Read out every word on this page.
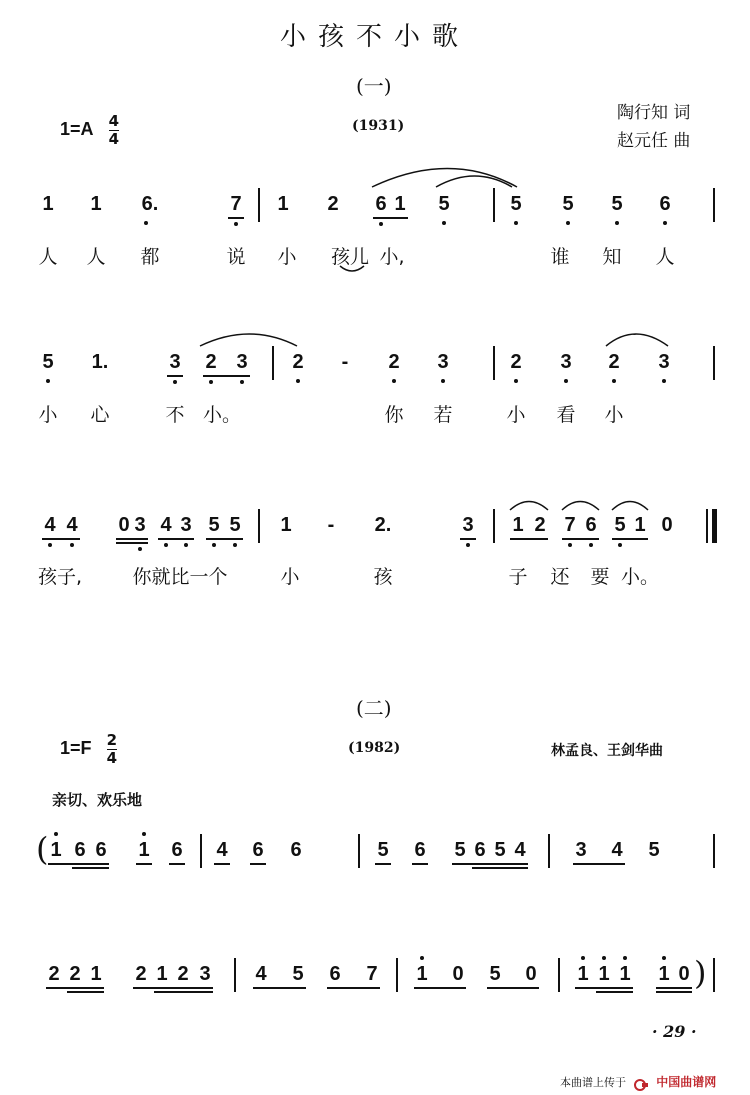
小孩不小歌
(一)
$1=A \frac{4}{4}$	(1931)
陶行知 词
赵元任 曲
1 1 6.	7 1 2 6 1 5	5 5 5 6
人 人 都	说 小 孩儿 小,	谁 知 人
5 1.	3 2 3 2 - 2 3	2 3 2 3
小 心	不 小。	你 若	小 看 小
4 4 0 3 4 3 5 5 1 - 2.	3 1 2 7 6 5 1 0
孩子,	你就比一个	小	孩	子 还 要 小。
(二)
$1=F \frac{2}{4}$	(1982)	林孟良、王剑华曲
亲切、欢乐地
( 1 6 6 1 6 4 6 6	5 6 5 6 5 4 3 4 5
2 2 1 2 1 2 3 4 5 6 7 1 0 5 0 1 1 1 1 0 )
· 29 ·
本曲谱上传于	中国曲谱网
